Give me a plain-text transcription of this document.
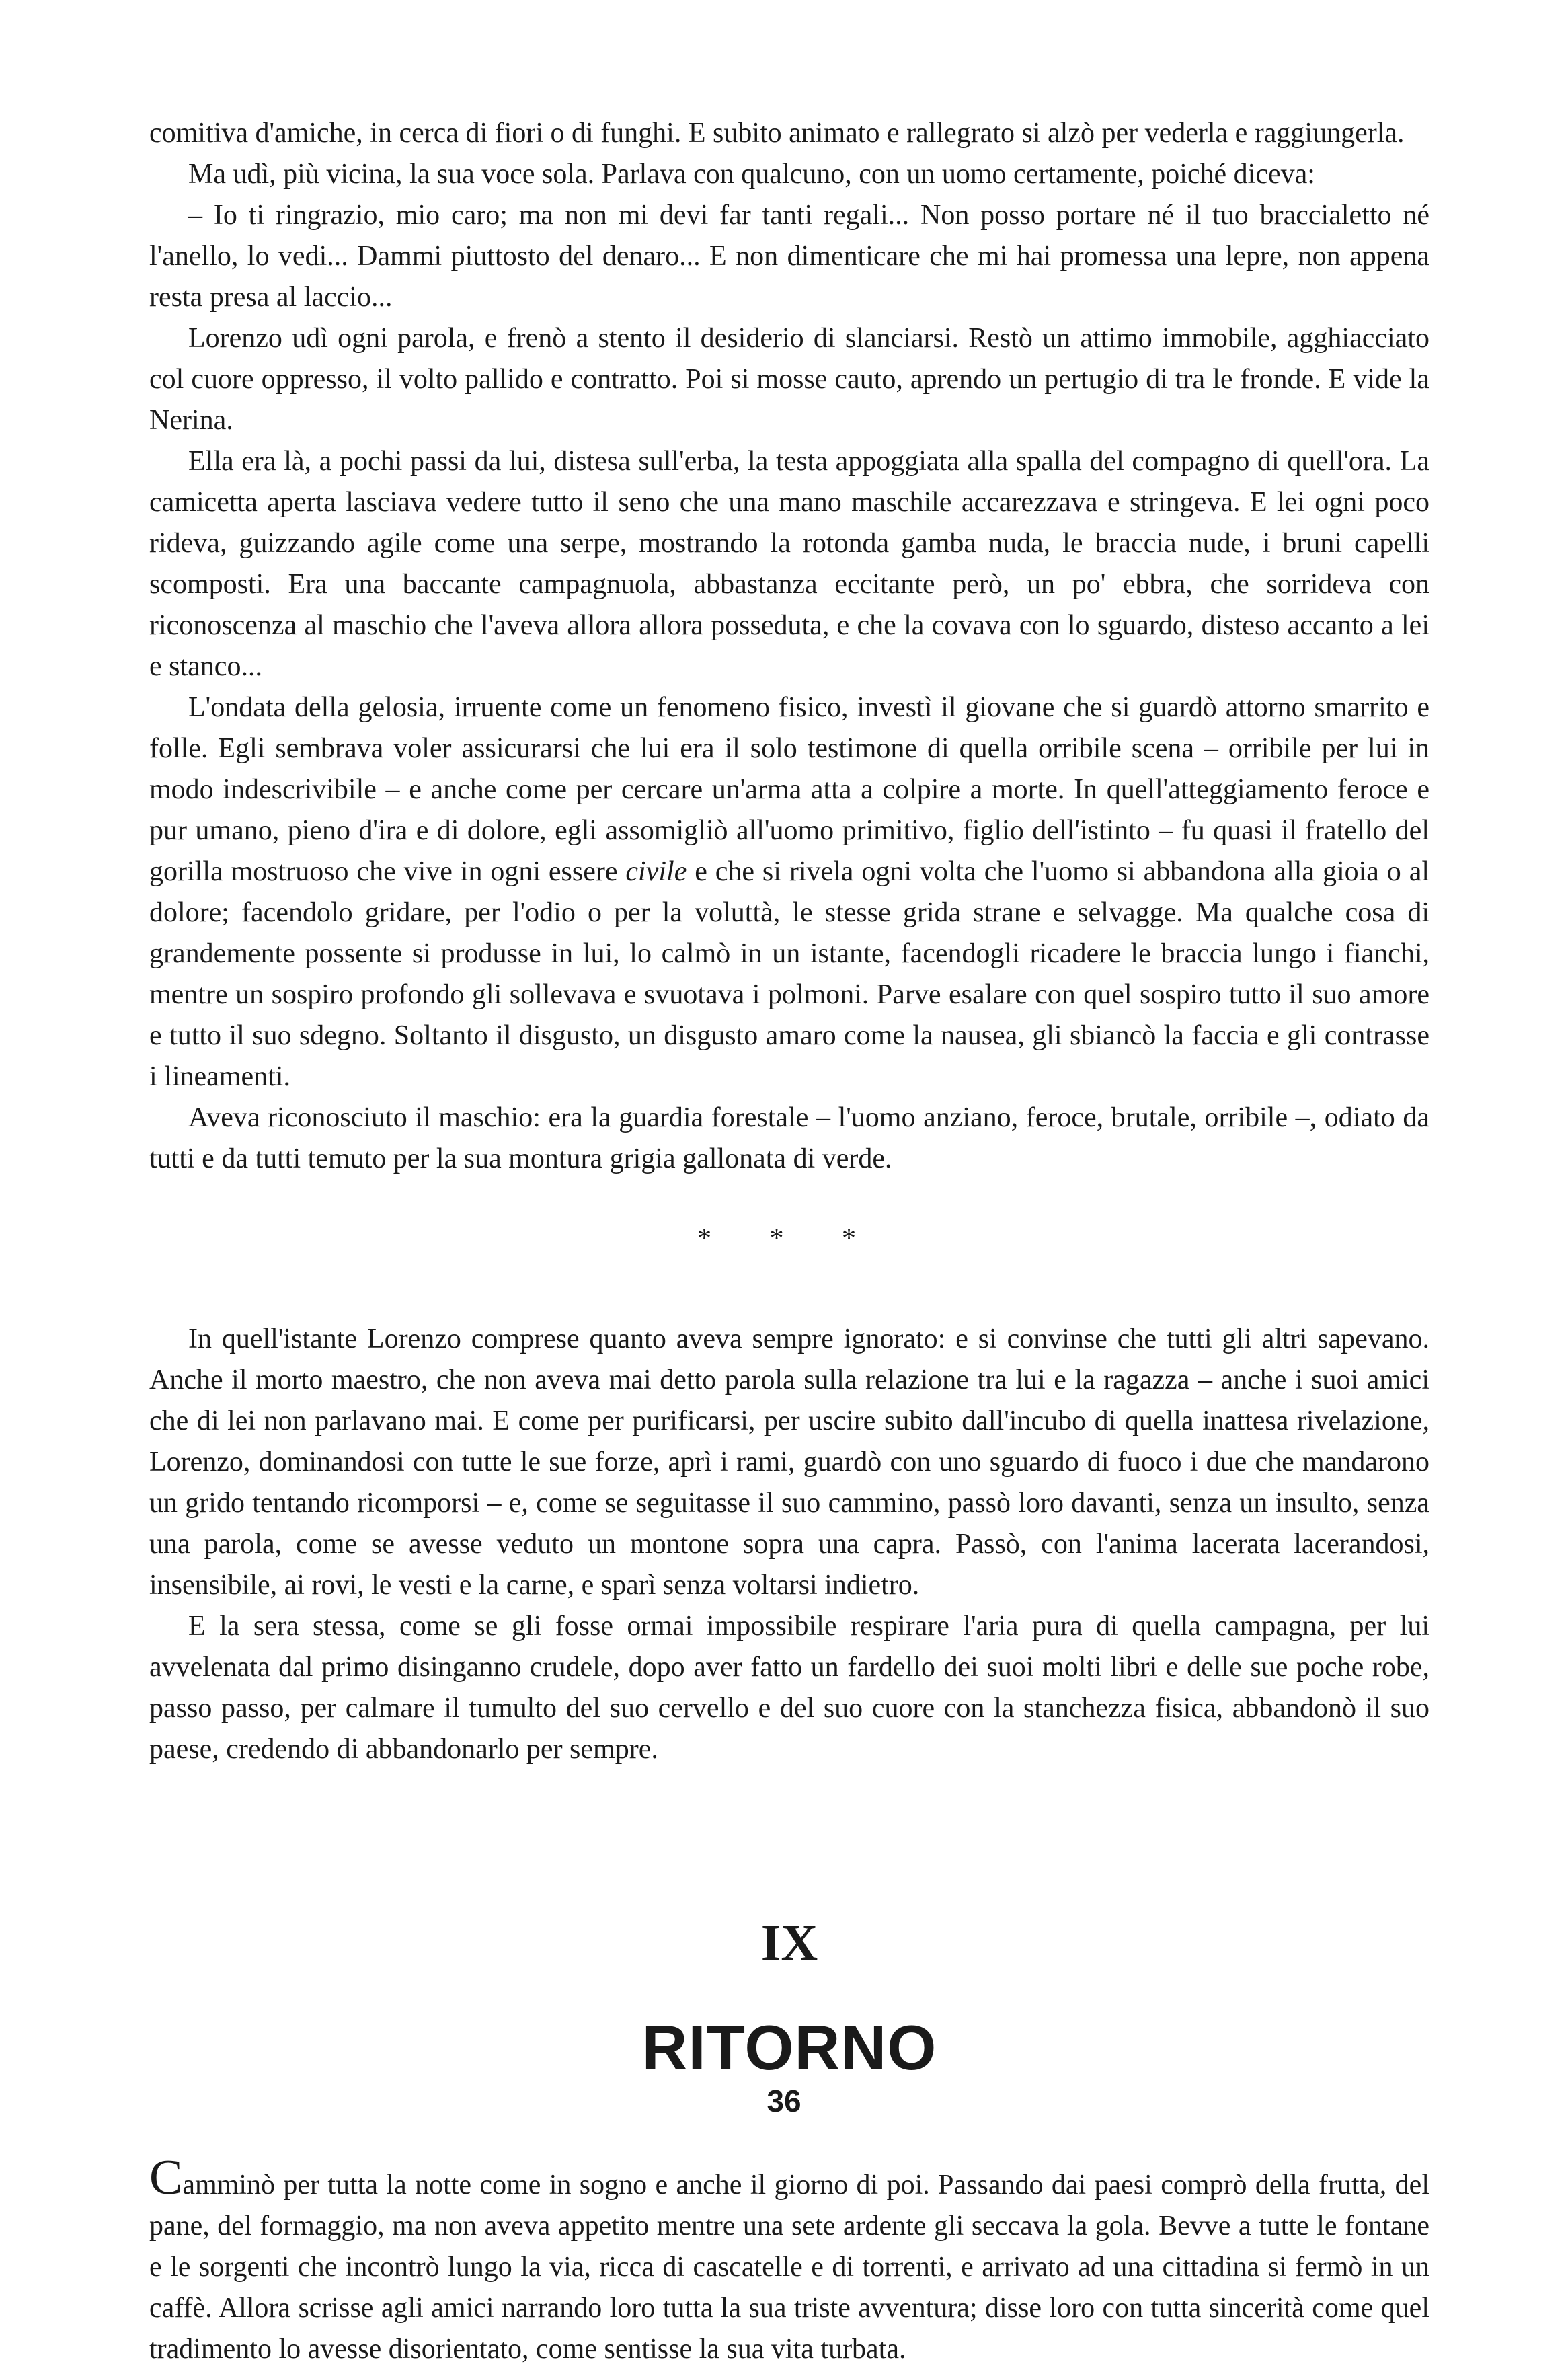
comitiva d'amiche, in cerca di fiori o di funghi. E subito animato e rallegrato si alzò per vederla e raggiungerla.

Ma udì, più vicina, la sua voce sola. Parlava con qualcuno, con un uomo certamente, poiché diceva:

– Io ti ringrazio, mio caro; ma non mi devi far tanti regali... Non posso portare né il tuo braccialetto né l'anello, lo vedi... Dammi piuttosto del denaro... E non dimenticare che mi hai promessa una lepre, non appena resta presa al laccio...

Lorenzo udì ogni parola, e frenò a stento il desiderio di slanciarsi. Restò un attimo immobile, agghiacciato col cuore oppresso, il volto pallido e contratto. Poi si mosse cauto, aprendo un pertugio di tra le fronde. E vide la Nerina.

Ella era là, a pochi passi da lui, distesa sull'erba, la testa appoggiata alla spalla del compagno di quell'ora. La camicetta aperta lasciava vedere tutto il seno che una mano maschile accarezzava e stringeva. E lei ogni poco rideva, guizzando agile come una serpe, mostrando la rotonda gamba nuda, le braccia nude, i bruni capelli scomposti. Era una baccante campagnuola, abbastanza eccitante però, un po' ebbra, che sorrideva con riconoscenza al maschio che l'aveva allora allora posseduta, e che la covava con lo sguardo, disteso accanto a lei e stanco...

L'ondata della gelosia, irruente come un fenomeno fisico, investì il giovane che si guardò attorno smarrito e folle. Egli sembrava voler assicurarsi che lui era il solo testimone di quella orribile scena – orribile per lui in modo indescrivibile – e anche come per cercare un'arma atta a colpire a morte. In quell'atteggiamento feroce e pur umano, pieno d'ira e di dolore, egli assomigliò all'uomo primitivo, figlio dell'istinto – fu quasi il fratello del gorilla mostruoso che vive in ogni essere civile e che si rivela ogni volta che l'uomo si abbandona alla gioia o al dolore; facendolo gridare, per l'odio o per la voluttà, le stesse grida strane e selvagge. Ma qualche cosa di grandemente possente si produsse in lui, lo calmò in un istante, facendogli ricadere le braccia lungo i fianchi, mentre un sospiro profondo gli sollevava e svuotava i polmoni. Parve esalare con quel sospiro tutto il suo amore e tutto il suo sdegno. Soltanto il disgusto, un disgusto amaro come la nausea, gli sbiancò la faccia e gli contrasse i lineamenti.

Aveva riconosciuto il maschio: era la guardia forestale – l'uomo anziano, feroce, brutale, orribile –, odiato da tutti e da tutti temuto per la sua montura grigia gallonata di verde.

* * *

In quell'istante Lorenzo comprese quanto aveva sempre ignorato: e si convinse che tutti gli altri sapevano. Anche il morto maestro, che non aveva mai detto parola sulla relazione tra lui e la ragazza – anche i suoi amici che di lei non parlavano mai. E come per purificarsi, per uscire subito dall'incubo di quella inattesa rivelazione, Lorenzo, dominandosi con tutte le sue forze, aprì i rami, guardò con uno sguardo di fuoco i due che mandarono un grido tentando ricomporsi – e, come se seguitasse il suo cammino, passò loro davanti, senza un insulto, senza una parola, come se avesse veduto un montone sopra una capra. Passò, con l'anima lacerata lacerandosi, insensibile, ai rovi, le vesti e la carne, e sparì senza voltarsi indietro.

E la sera stessa, come se gli fosse ormai impossibile respirare l'aria pura di quella campagna, per lui avvelenata dal primo disinganno crudele, dopo aver fatto un fardello dei suoi molti libri e delle sue poche robe, passo passo, per calmare il tumulto del suo cervello e del suo cuore con la stanchezza fisica, abbandonò il suo paese, credendo di abbandonarlo per sempre.

IX
RITORNO

Camminò per tutta la notte come in sogno e anche il giorno di poi. Passando dai paesi comprò della frutta, del pane, del formaggio, ma non aveva appetito mentre una sete ardente gli seccava la gola. Bevve a tutte le fontane e le sorgenti che incontrò lungo la via, ricca di cascatelle e di torrenti, e arrivato ad una cittadina si fermò in un caffè. Allora scrisse agli amici narrando loro tutta la sua triste avventura; disse loro con tutta sincerità come quel tradimento lo avesse disorientato, come sentisse la sua vita turbata.

36
